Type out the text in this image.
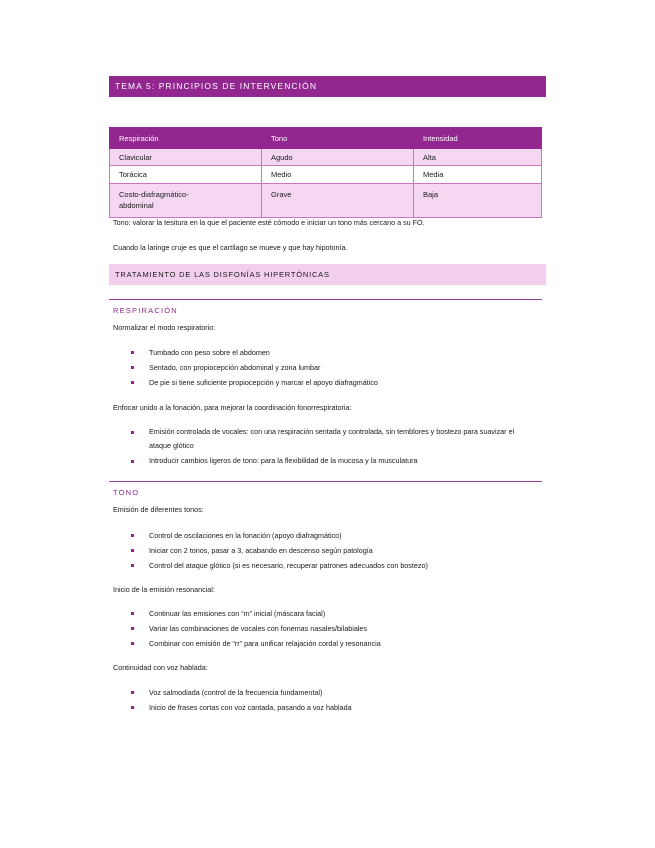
TEMA 5: PRINCIPIOS DE INTERVENCIÓN
Respiración	Tono	Intensidad
Clavicular	Agudo	Alta
Torácica	Medio	Media

Costo-diafragmático-abdominal	Grave	Baja
Tono: valorar la tesitura en la que el paciente esté cómodo e iniciar un tono más cercano a su FO.
Cuando la laringe cruje es que el cartílago se mueve y que hay hipotonía.
TRATAMIENTO DE LAS DISFONÍAS HIPERTÓNICAS
RESPIRACIÓN
Normalizar el modo respiratorio:
Tumbado con peso sobre el abdomen
Sentado, con propiocepción abdominal y zona lumbar
De pie si tiene suficiente propiocepción y marcar el apoyo diafragmático
Enfocar unido a la fonación, para mejorar la coordinación fonorrespiratoria:
Emisión controlada de vocales: con una respiración sentada y controlada, sin temblores y bostezo para suavizar el ataque glótico
Introducir cambios ligeros de tono: para la flexibilidad de la mucosa y la musculatura
TONO
Emisión de diferentes tonos:
Control de oscilaciones en la fonación (apoyo diafragmático)
Iniciar con 2 tonos, pasar a 3, acabando en descenso según patología
Control del ataque glótico (si es necesario, recuperar patrones adecuados con bostezo)
Inicio de la emisión resonancial:
Continuar las emisiones con “m” inicial (máscara facial)
Variar las combinaciones de vocales con fonemas nasales/bilabiales
Combinar con emisión de “rr” para unificar relajación cordal y resonancia
Continuidad con voz hablada:
Voz salmodiada (control de la frecuencia fundamental)
Inicio de frases cortas con voz cantada, pasando a voz hablada
